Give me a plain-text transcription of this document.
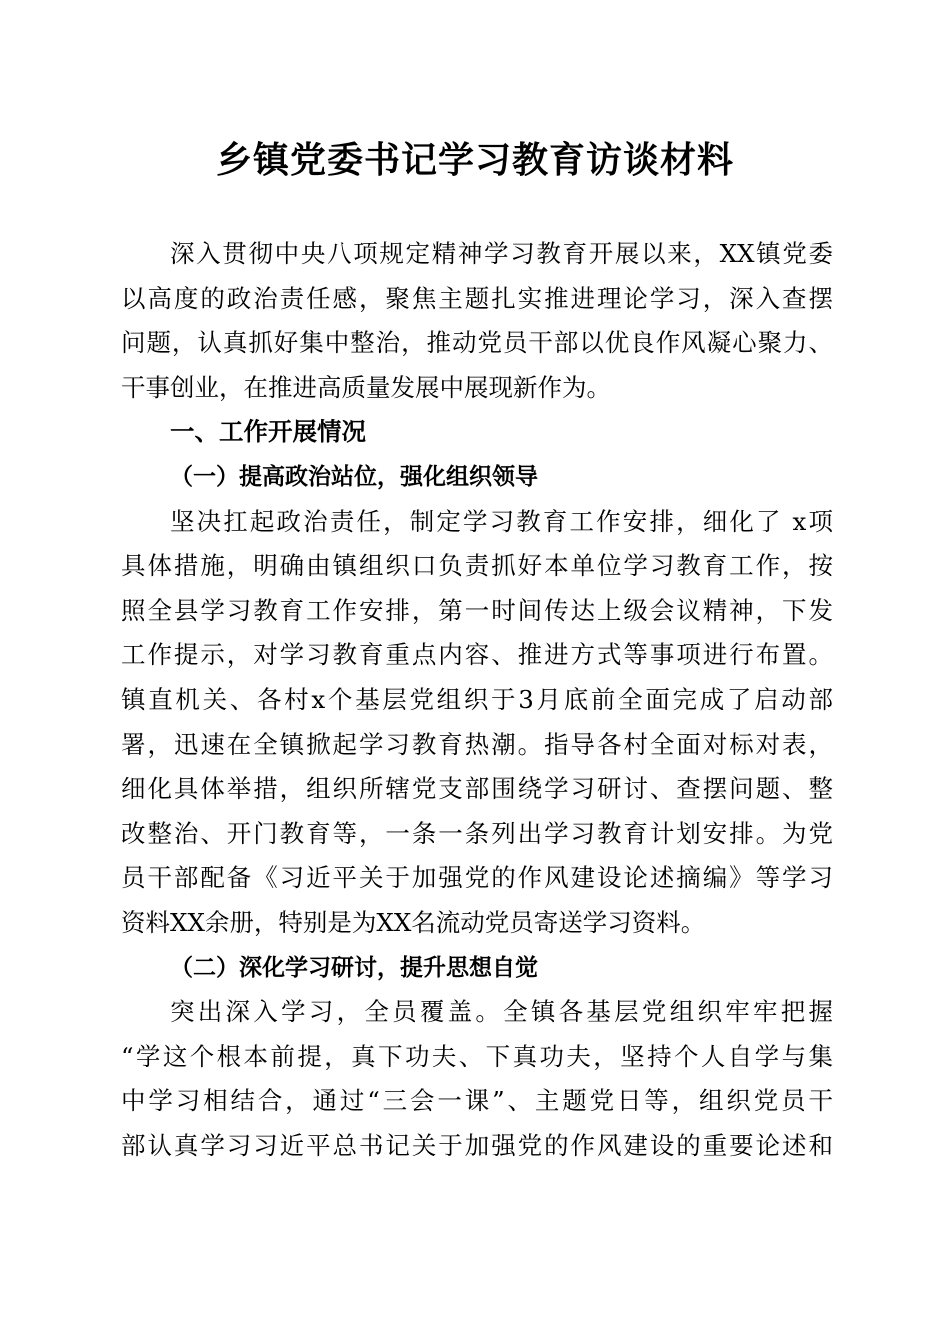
乡镇党委书记学习教育访谈材料
深入贯彻中央八项规定精神学习教育开展以来，XX镇党委
以高度的政治责任感，聚焦主题扎实推进理论学习，深入查摆
问题，认真抓好集中整治，推动党员干部以优良作风凝心聚力、
干事创业，在推进高质量发展中展现新作为。
一、工作开展情况
（一）提高政治站位，强化组织领导
坚决扛起政治责任，制定学习教育工作安排，细化了 x项
具体措施，明确由镇组织口负责抓好本单位学习教育工作，按
照全县学习教育工作安排，第一时间传达上级会议精神，下发
工作提示，对学习教育重点内容、推进方式等事项进行布置。
镇直机关、各村x个基层党组织于3月底前全面完成了启动部
署，迅速在全镇掀起学习教育热潮。指导各村全面对标对表，
细化具体举措，组织所辖党支部围绕学习研讨、查摆问题、整
改整治、开门教育等，一条一条列出学习教育计划安排。为党
员干部配备《习近平关于加强党的作风建设论述摘编》等学习
资料XX余册，特别是为XX名流动党员寄送学习资料。
（二）深化学习研讨，提升思想自觉
突出深入学习，全员覆盖。全镇各基层党组织牢牢把握
“学这个根本前提，真下功夫、下真功夫，坚持个人自学与集
中学习相结合，通过“三会一课”、主题党日等，组织党员干
部认真学习习近平总书记关于加强党的作风建设的重要论述和
